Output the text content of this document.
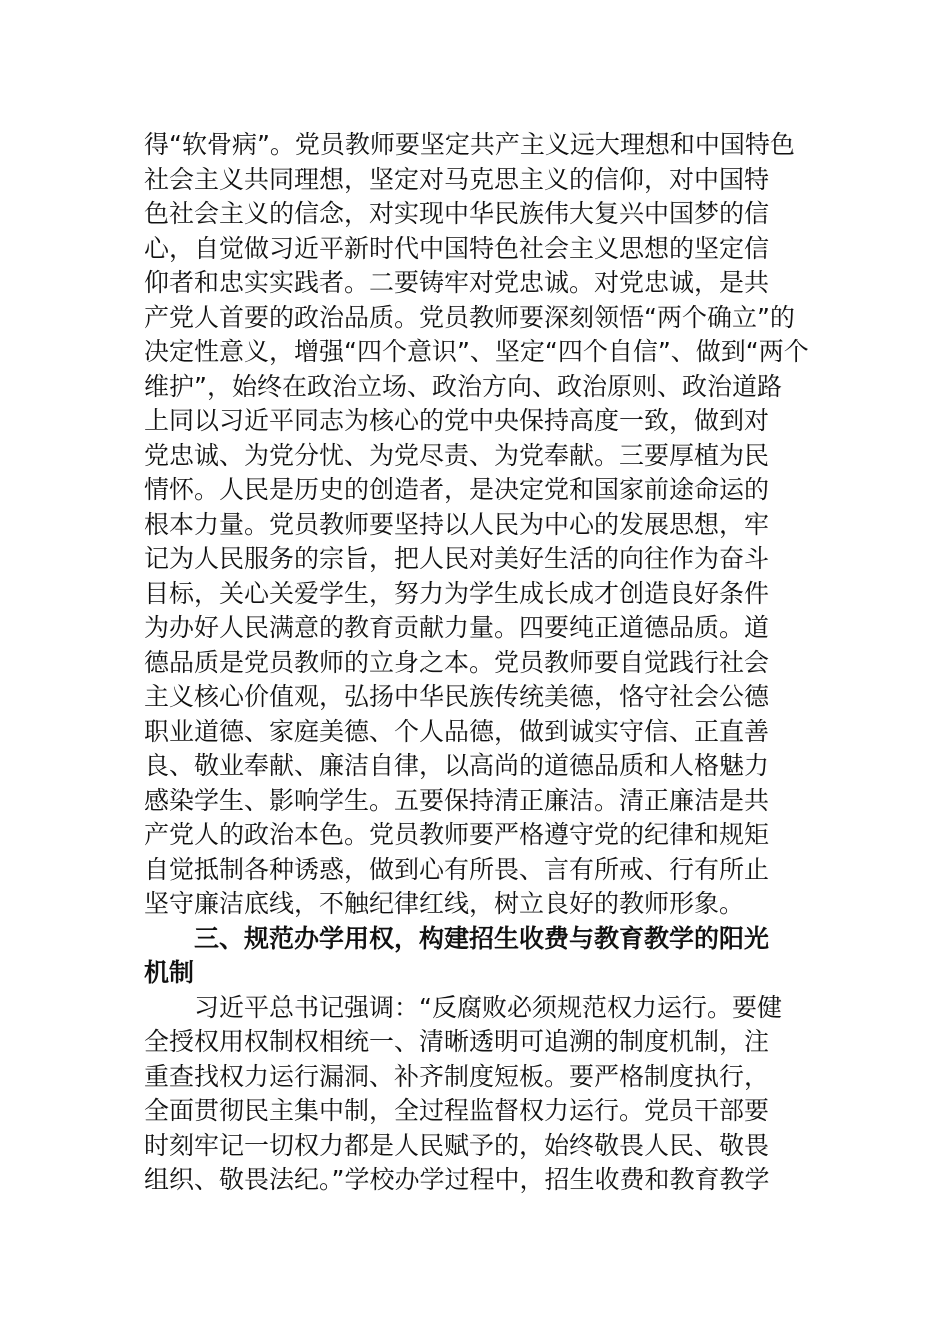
得“软骨病”。党员教师要坚定共产主义远大理想和中国特色
社会主义共同理想，坚定对马克思主义的信仰，对中国特
色社会主义的信念，对实现中华民族伟大复兴中国梦的信
心，自觉做习近平新时代中国特色社会主义思想的坚定信
仰者和忠实实践者。二要铸牢对党忠诚。对党忠诚，是共
产党人首要的政治品质。党员教师要深刻领悟“两个确立”的
决定性意义，增强“四个意识”、坚定“四个自信”、做到“两个
维护”，始终在政治立场、政治方向、政治原则、政治道路
上同以习近平同志为核心的党中央保持高度一致，做到对
党忠诚、为党分忧、为党尽责、为党奉献。三要厚植为民
情怀。人民是历史的创造者，是决定党和国家前途命运的
根本力量。党员教师要坚持以人民为中心的发展思想，牢
记为人民服务的宗旨，把人民对美好生活的向往作为奋斗
目标，关心关爱学生，努力为学生成长成才创造良好条件
为办好人民满意的教育贡献力量。四要纯正道德品质。道
德品质是党员教师的立身之本。党员教师要自觉践行社会
主义核心价值观，弘扬中华民族传统美德，恪守社会公德
职业道德、家庭美德、个人品德，做到诚实守信、正直善
良、敬业奉献、廉洁自律，以高尚的道德品质和人格魅力
感染学生、影响学生。五要保持清正廉洁。清正廉洁是共
产党人的政治本色。党员教师要严格遵守党的纪律和规矩
自觉抵制各种诱惑，做到心有所畏、言有所戒、行有所止
坚守廉洁底线，不触纪律红线，树立良好的教师形象。
三、规范办学用权，构建招生收费与教育教学的阳光
机制
习近平总书记强调：“反腐败必须规范权力运行。要健
全授权用权制权相统一、清晰透明可追溯的制度机制，注
重查找权力运行漏洞、补齐制度短板。要严格制度执行，
全面贯彻民主集中制，全过程监督权力运行。党员干部要
时刻牢记一切权力都是人民赋予的，始终敬畏人民、敬畏
组织、敬畏法纪。”学校办学过程中，招生收费和教育教学
